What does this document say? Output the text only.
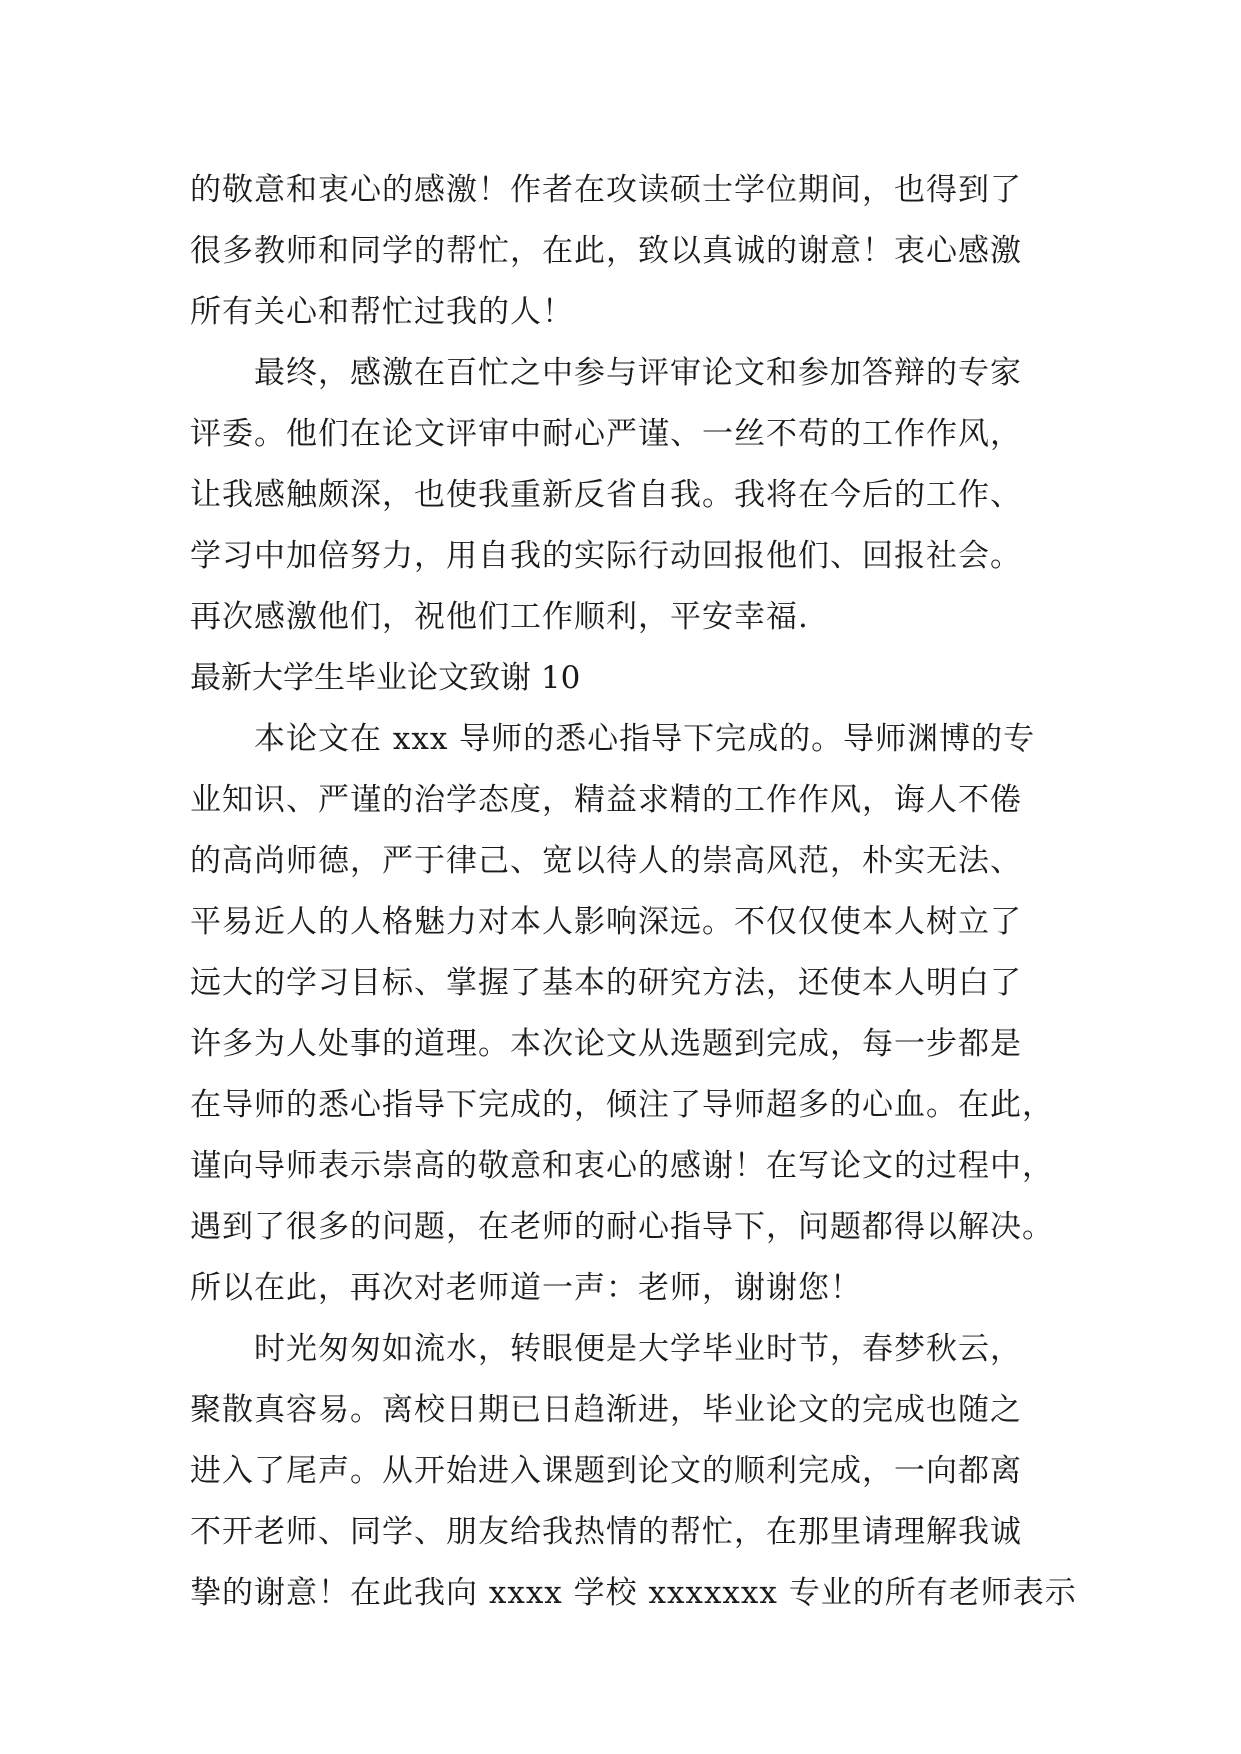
的敬意和衷心的感激！作者在攻读硕士学位期间，也得到了
很多教师和同学的帮忙，在此，致以真诚的谢意！衷心感激
所有关心和帮忙过我的人！
最终，感激在百忙之中参与评审论文和参加答辩的专家
评委。他们在论文评审中耐心严谨、一丝不苟的工作作风，
让我感触颇深，也使我重新反省自我。我将在今后的工作、
学习中加倍努力，用自我的实际行动回报他们、回报社会。
再次感激他们，祝他们工作顺利，平安幸福.
最新大学生毕业论文致谢 10
本论文在 xxx 导师的悉心指导下完成的。导师渊博的专
业知识、严谨的治学态度，精益求精的工作作风，诲人不倦
的高尚师德，严于律己、宽以待人的崇高风范，朴实无法、
平易近人的人格魅力对本人影响深远。不仅仅使本人树立了
远大的学习目标、掌握了基本的研究方法，还使本人明白了
许多为人处事的道理。本次论文从选题到完成，每一步都是
在导师的悉心指导下完成的，倾注了导师超多的心血。在此，
谨向导师表示崇高的敬意和衷心的感谢！在写论文的过程中，
遇到了很多的问题，在老师的耐心指导下，问题都得以解决。
所以在此，再次对老师道一声：老师，谢谢您！
时光匆匆如流水，转眼便是大学毕业时节，春梦秋云，
聚散真容易。离校日期已日趋渐进，毕业论文的完成也随之
进入了尾声。从开始进入课题到论文的顺利完成，一向都离
不开老师、同学、朋友给我热情的帮忙，在那里请理解我诚
挚的谢意！在此我向 xxxx 学校 xxxxxxx 专业的所有老师表示
